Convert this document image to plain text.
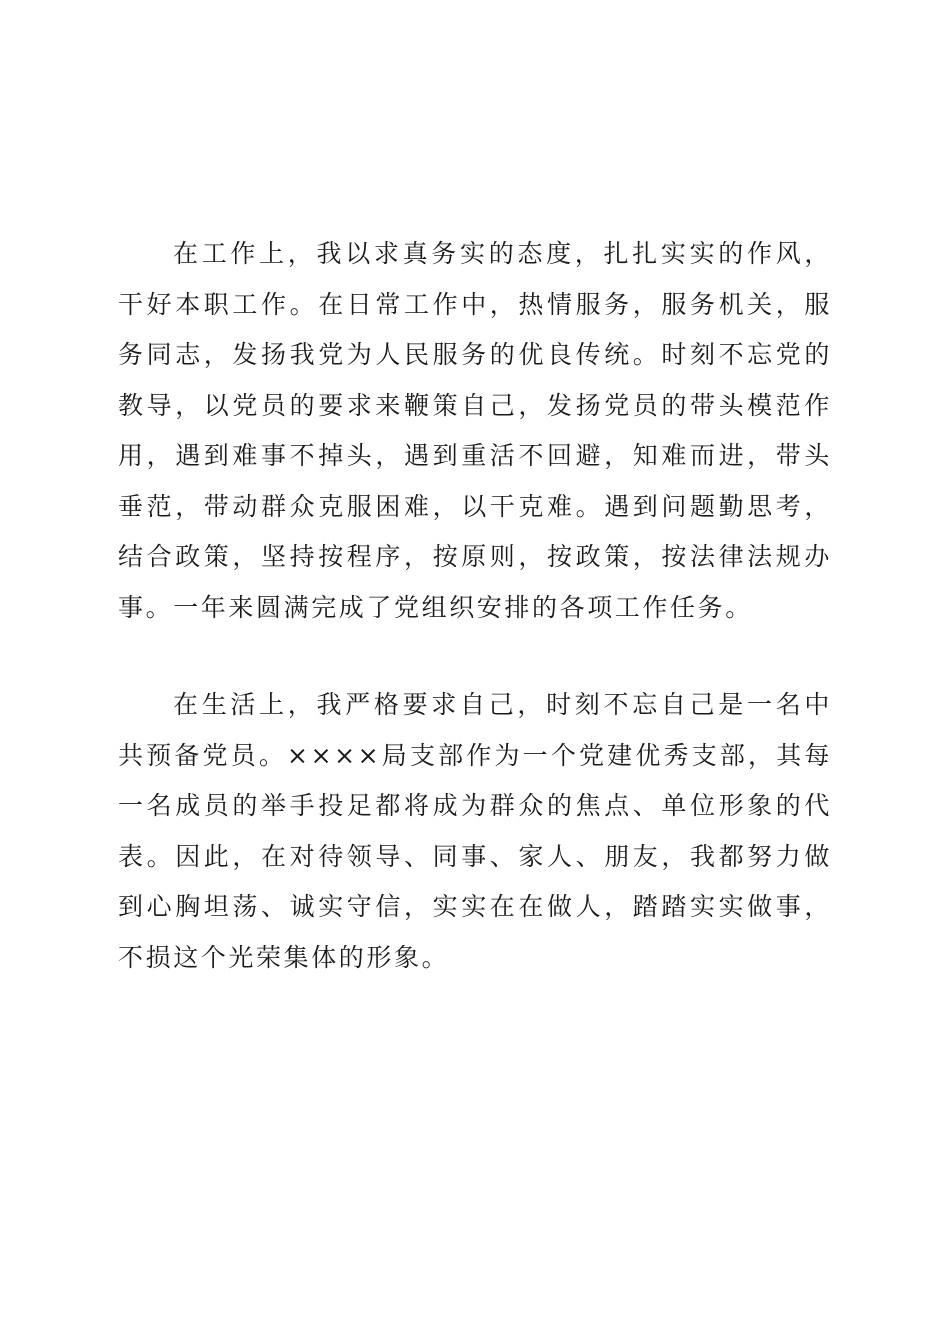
在工作上，我以求真务实的态度，扎扎实实的作风，干好本职工作。在日常工作中，热情服务，服务机关，服务同志，发扬我党为人民服务的优良传统。时刻不忘党的教导，以党员的要求来鞭策自己，发扬党员的带头模范作用，遇到难事不掉头，遇到重活不回避，知难而进，带头垂范，带动群众克服困难，以干克难。遇到问题勤思考，结合政策，坚持按程序，按原则，按政策，按法律法规办事。一年来圆满完成了党组织安排的各项工作任务。

在生活上，我严格要求自己，时刻不忘自己是一名中共预备党员。××××局支部作为一个党建优秀支部，其每一名成员的举手投足都将成为群众的焦点、单位形象的代表。因此，在对待领导、同事、家人、朋友，我都努力做到心胸坦荡、诚实守信，实实在在做人，踏踏实实做事，不损这个光荣集体的形象。
